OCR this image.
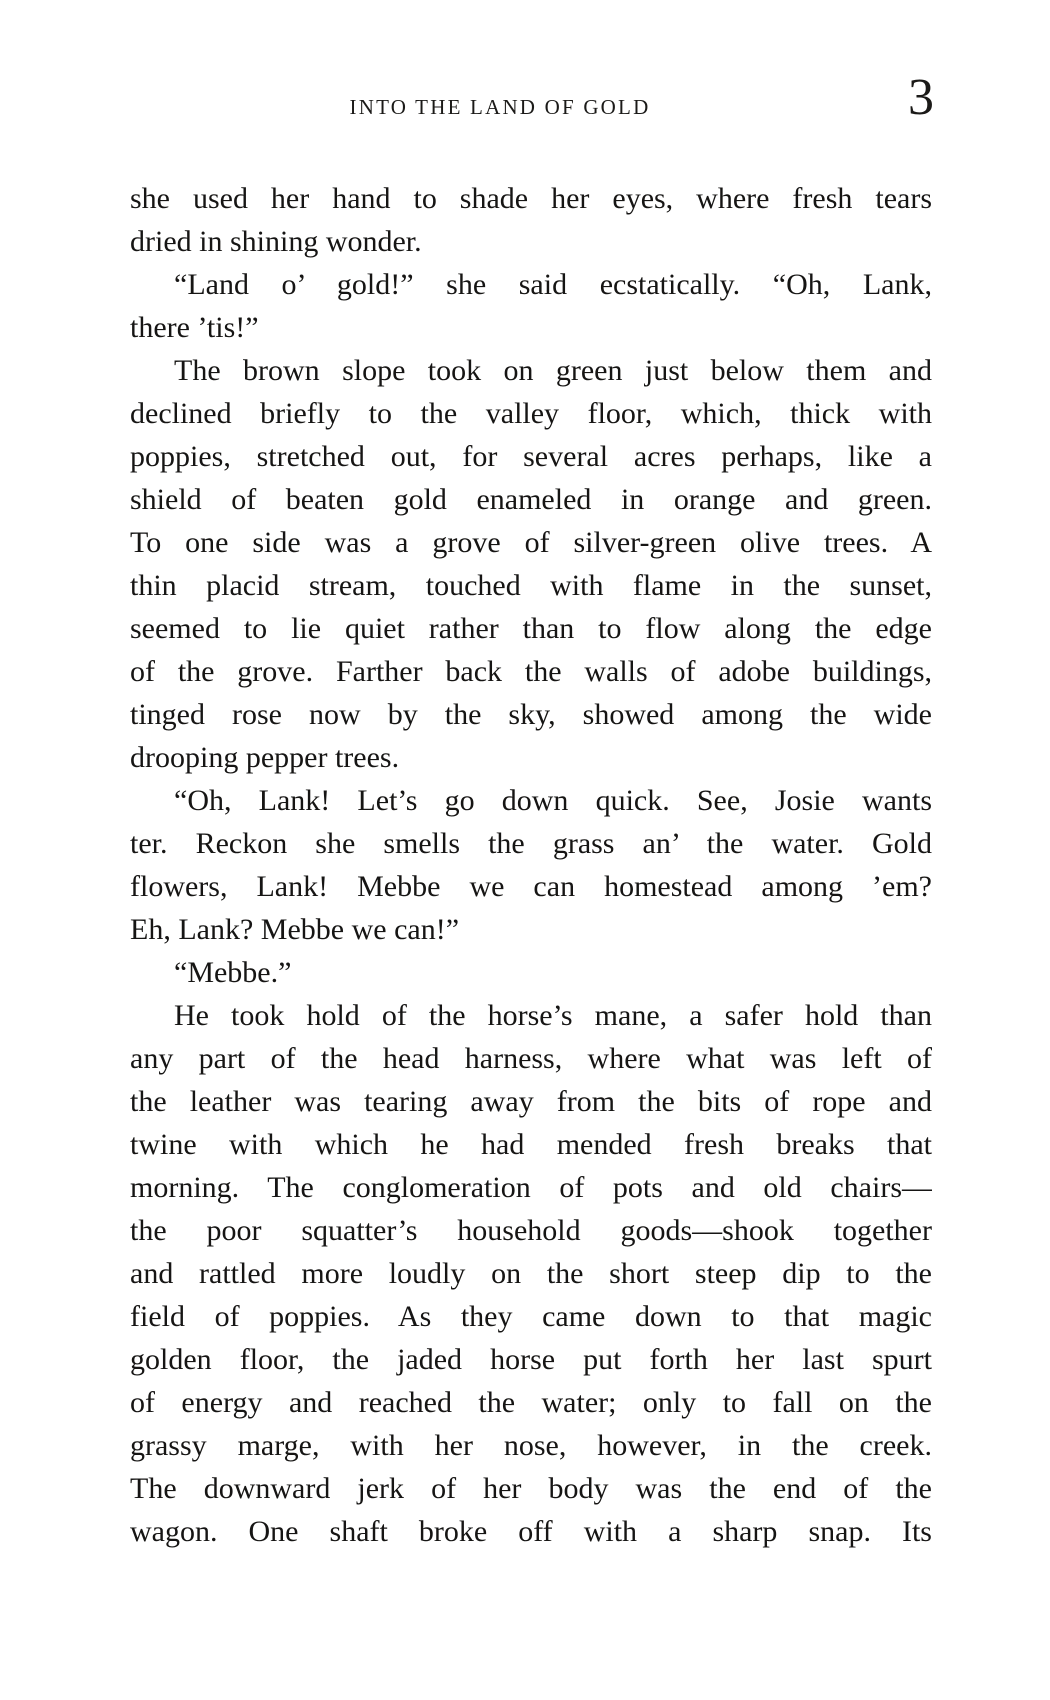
INTO THE LAND OF GOLD	3
she used her hand to shade her eyes, where fresh tears
dried in shining wonder.
“Land o’ gold!” she said ecstatically. “Oh, Lank,
there ’tis!”
The brown slope took on green just below them and
declined briefly to the valley floor, which, thick with
poppies, stretched out, for several acres perhaps, like a
shield of beaten gold enameled in orange and green.
To one side was a grove of silver-green olive trees. A
thin placid stream, touched with flame in the sunset,
seemed to lie quiet rather than to flow along the edge
of the grove. Farther back the walls of adobe buildings,
tinged rose now by the sky, showed among the wide
drooping pepper trees.
“Oh, Lank! Let’s go down quick. See, Josie wants
ter. Reckon she smells the grass an’ the water. Gold
flowers, Lank! Mebbe we can homestead among ’em?
Eh, Lank? Mebbe we can!”
“Mebbe.”
He took hold of the horse’s mane, a safer hold than
any part of the head harness, where what was left of
the leather was tearing away from the bits of rope and
twine with which he had mended fresh breaks that
morning. The conglomeration of pots and old chairs—
the poor squatter’s household goods—shook together
and rattled more loudly on the short steep dip to the
field of poppies. As they came down to that magic
golden floor, the jaded horse put forth her last spurt
of energy and reached the water; only to fall on the
grassy marge, with her nose, however, in the creek.
The downward jerk of her body was the end of the
wagon. One shaft broke off with a sharp snap. Its
